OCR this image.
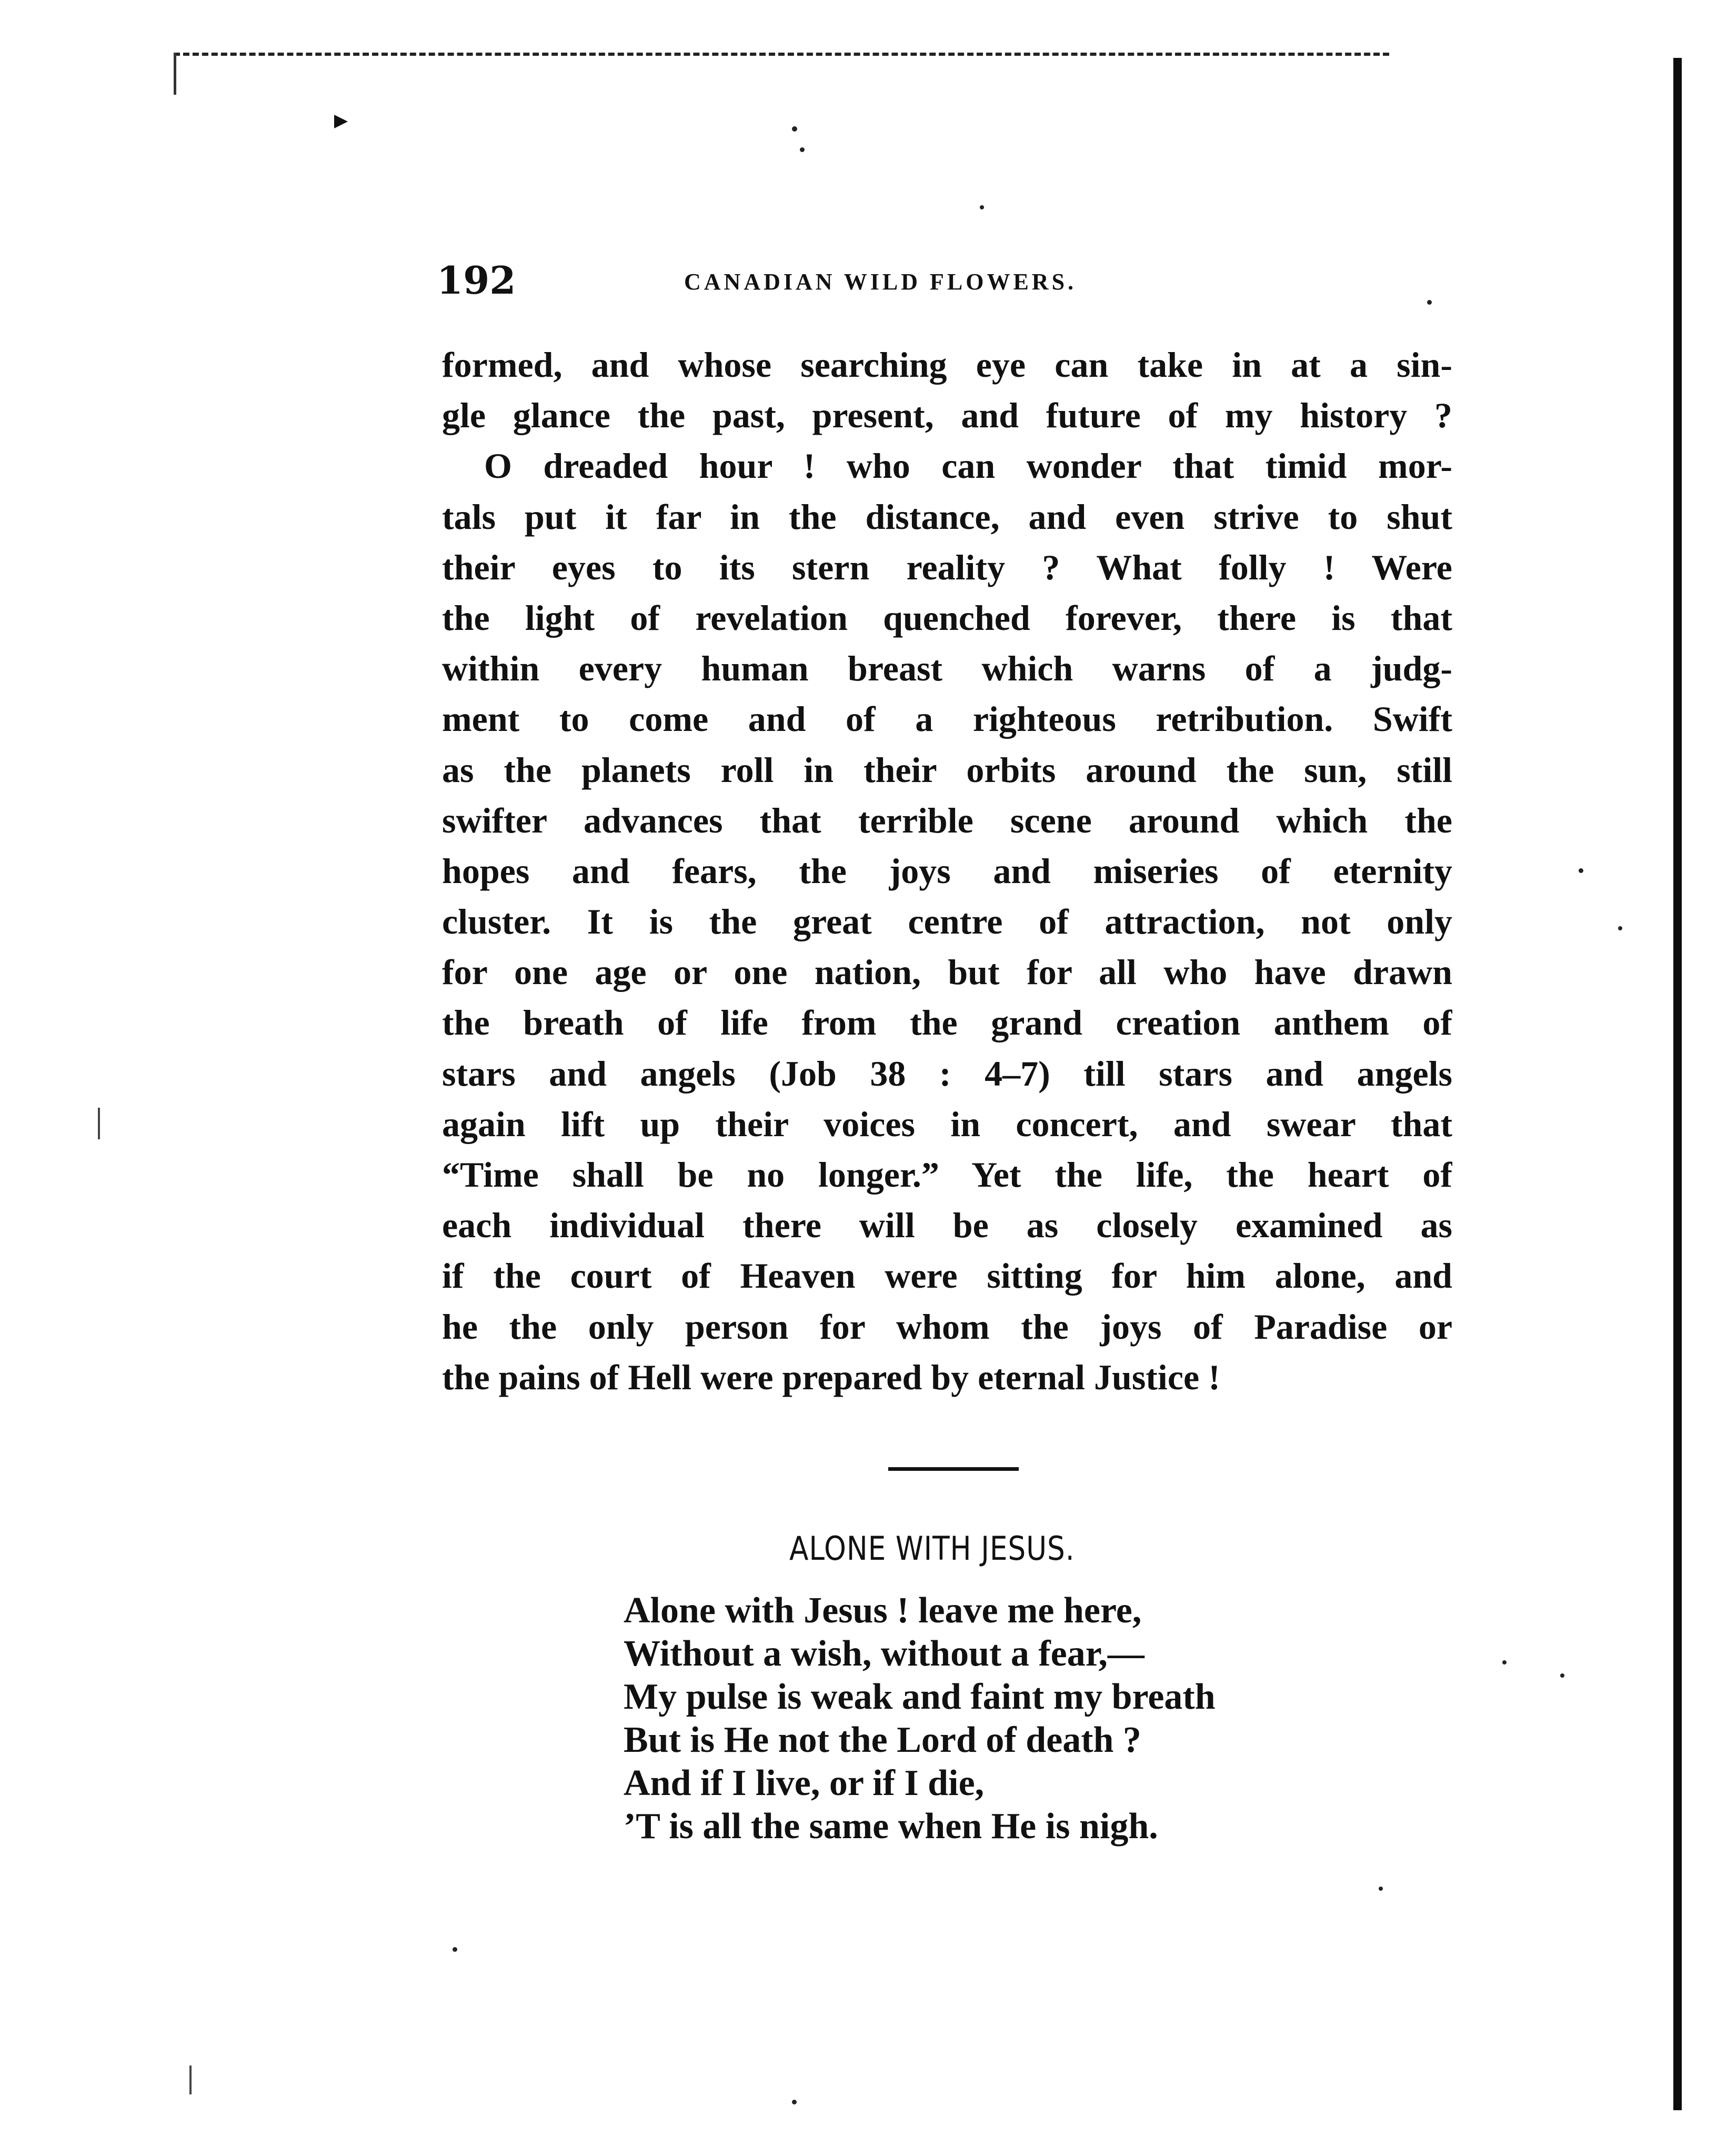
192	CANADIAN WILD FLOWERS.
formed, and whose searching eye can take in at a sin-
gle glance the past, present, and future of my history ?
O dreaded hour ! who can wonder that timid mor-
tals put it far in the distance, and even strive to shut
their eyes to its stern reality ? What folly ! Were
the light of revelation quenched forever, there is that
within every human breast which warns of a judg-
ment to come and of a righteous retribution. Swift
as the planets roll in their orbits around the sun, still
swifter advances that terrible scene around which the
hopes and fears, the joys and miseries of eternity
cluster. It is the great centre of attraction, not only
for one age or one nation, but for all who have drawn
the breath of life from the grand creation anthem of
stars and angels (Job 38 : 4–7) till stars and angels
again lift up their voices in concert, and swear that
“Time shall be no longer.” Yet the life, the heart of
each individual there will be as closely examined as
if the court of Heaven were sitting for him alone, and
he the only person for whom the joys of Paradise or
the pains of Hell were prepared by eternal Justice !
ALONE WITH JESUS.
Alone with Jesus ! leave me here,
Without a wish, without a fear,—
My pulse is weak and faint my breath
But is He not the Lord of death ?
And if I live, or if I die,
’T is all the same when He is nigh.
